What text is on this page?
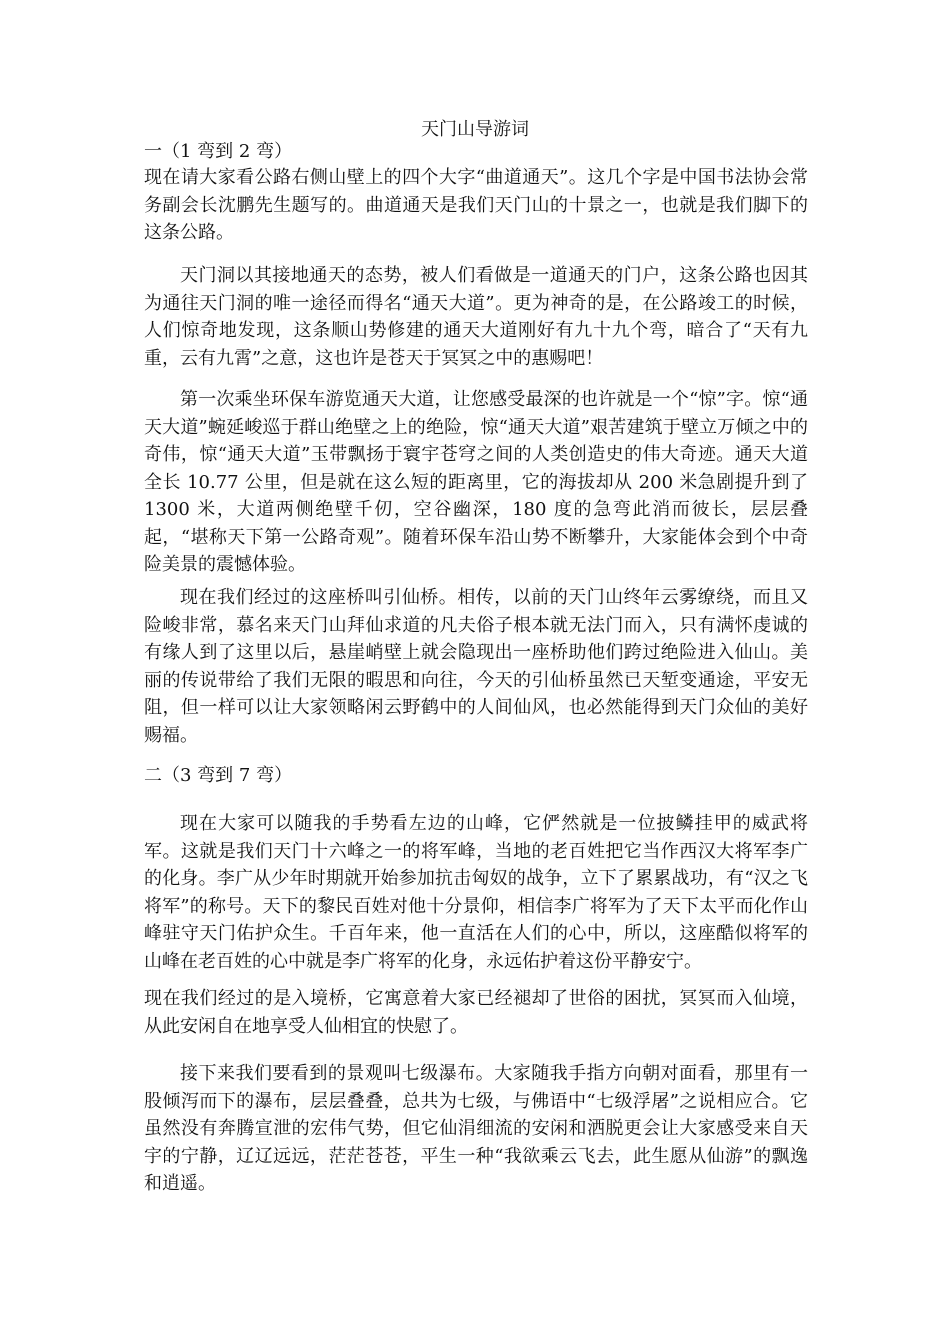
天门山导游词

一（1 弯到 2 弯）

现在请大家看公路右侧山壁上的四个大字“曲道通天”。这几个字是中国书法协会常务副会长沈鹏先生题写的。曲道通天是我们天门山的十景之一，也就是我们脚下的这条公路。

天门洞以其接地通天的态势，被人们看做是一道通天的门户，这条公路也因其为通往天门洞的唯一途径而得名“通天大道”。更为神奇的是，在公路竣工的时候，人们惊奇地发现，这条顺山势修建的通天大道刚好有九十九个弯，暗合了“天有九重，云有九霄”之意，这也许是苍天于冥冥之中的惠赐吧！

第一次乘坐环保车游览通天大道，让您感受最深的也许就是一个“惊”字。惊“通天大道”蜿延峻巡于群山绝壁之上的绝险，惊“通天大道”艰苦建筑于壁立万倾之中的奇伟，惊“通天大道”玉带飘扬于寰宇苍穹之间的人类创造史的伟大奇迹。通天大道全长 10.77 公里，但是就在这么短的距离里，它的海拔却从 200 米急剧提升到了 1300 米，大道两侧绝壁千仞，空谷幽深，180 度的急弯此消而彼长，层层叠起，“堪称天下第一公路奇观”。随着环保车沿山势不断攀升，大家能体会到个中奇险美景的震憾体验。

现在我们经过的这座桥叫引仙桥。相传，以前的天门山终年云雾缭绕，而且又险峻非常，慕名来天门山拜仙求道的凡夫俗子根本就无法门而入，只有满怀虔诚的有缘人到了这里以后，悬崖峭壁上就会隐现出一座桥助他们跨过绝险进入仙山。美丽的传说带给了我们无限的暇思和向往，今天的引仙桥虽然已天堑变通途，平安无阻，但一样可以让大家领略闲云野鹤中的人间仙风，也必然能得到天门众仙的美好赐福。

二（3 弯到 7 弯）

现在大家可以随我的手势看左边的山峰，它俨然就是一位披鳞挂甲的威武将军。这就是我们天门十六峰之一的将军峰，当地的老百姓把它当作西汉大将军李广的化身。李广从少年时期就开始参加抗击匈奴的战争，立下了累累战功，有“汉之飞将军”的称号。天下的黎民百姓对他十分景仰，相信李广将军为了天下太平而化作山峰驻守天门佑护众生。千百年来，他一直活在人们的心中，所以，这座酷似将军的山峰在老百姓的心中就是李广将军的化身，永远佑护着这份平静安宁。

现在我们经过的是入境桥，它寓意着大家已经褪却了世俗的困扰，冥冥而入仙境，从此安闲自在地享受人仙相宜的快慰了。

接下来我们要看到的景观叫七级瀑布。大家随我手指方向朝对面看，那里有一股倾泻而下的瀑布，层层叠叠，总共为七级，与佛语中“七级浮屠”之说相应合。它虽然没有奔腾宣泄的宏伟气势，但它仙涓细流的安闲和洒脱更会让大家感受来自天宇的宁静，辽辽远远，茫茫苍苍，平生一种“我欲乘云飞去，此生愿从仙游”的飘逸和逍遥。
